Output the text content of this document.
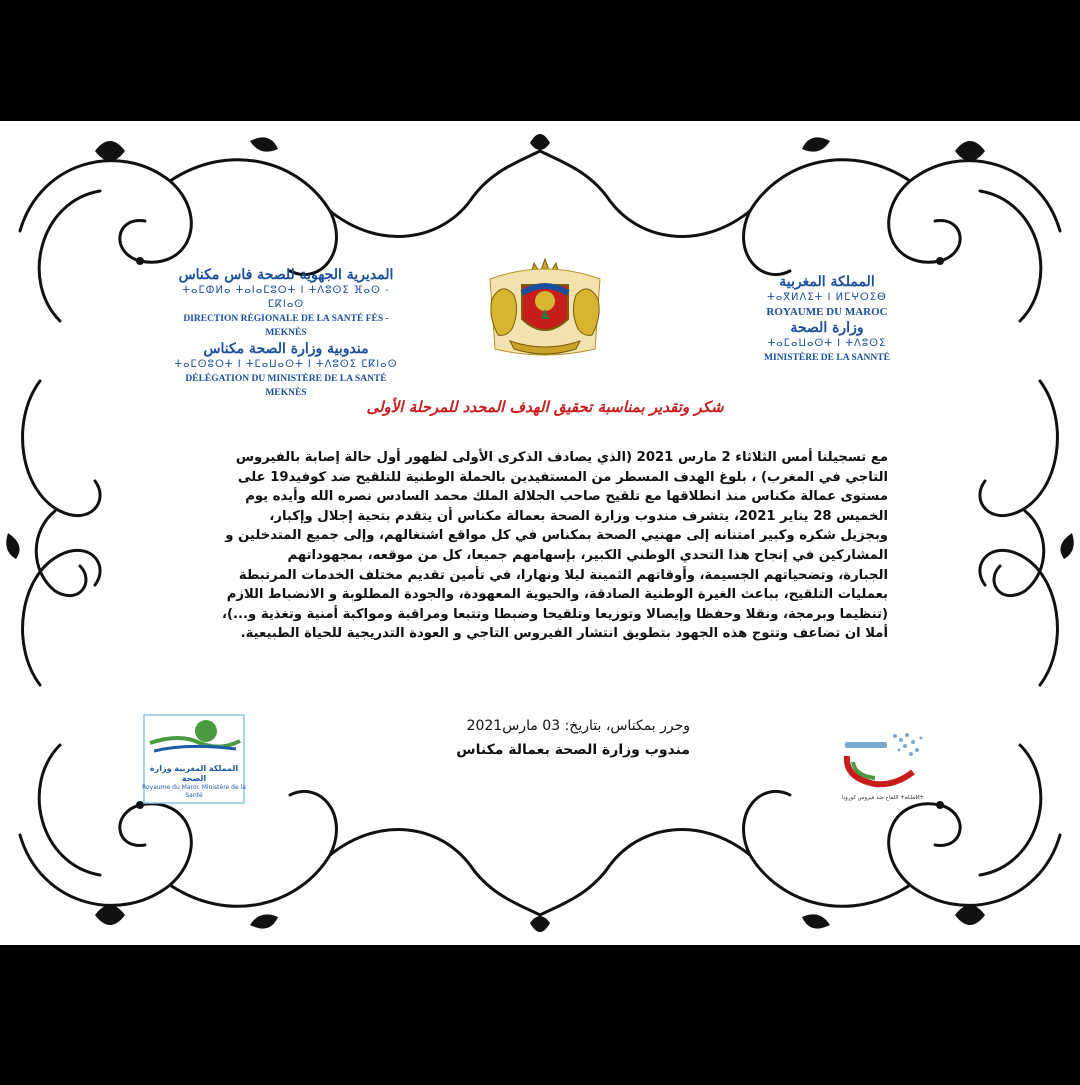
المملكة المغربية
ⵜⴰⴳⵍⴷⵉⵜ ⵏ ⵍⵎⵖⵔⵉⴱ
ROYAUME DU MAROC
وزارة الصحة
ⵜⴰⵎⴰⵡⴰⵙⵜ ⵏ ⵜⴷⵓⵙⵉ
MINISTÈRE DE LA SANNTÉ
المديرية الجهوية للصحة فاس مكناس
ⵜⴰⵎⵀⵍⴰ ⵜⴰⵏⴰⵎⵓⵔⵜ ⵏ ⵜⴷⵓⵙⵉ ⴼⴰⵙ - ⵎⴽⵏⴰⵙ
DIRECTION RÉGIONALE DE LA SANTÉ FÈS - MEKNÈS
مندوبية وزارة الصحة مكناس
ⵜⴰⵎⵙⵓⵔⵜ ⵏ ⵜⵎⴰⵡⴰⵙⵜ ⵏ ⵜⴷⵓⵙⵉ ⵎⴽⵏⴰⵙ
DÉLÉGATION DU MINISTÈRE DE LA SANTÉ MEKNÈS
شكر وتقدير بمناسبة تحقيق الهدف المحدد للمرحلة الأولى

مع تسجيلنا أمس الثلاثاء 2 مارس 2021 (الذي يصادف الذكرى الأولى لظهور أول حالة إصابة بالفيروس

التاجي في المغرب) ، بلوغ الهدف المسطر من المستفيدين بالحملة الوطنية للتلقيح ضد كوفيد19 على

مستوى عمالة مكناس منذ انطلاقها مع تلقيح صاحب الجلالة الملك محمد السادس نصره الله وأيده يوم

الخميس 28 يناير 2021، يتشرف مندوب وزارة الصحة بعمالة مكناس أن يتقدم بتحية إجلال وإكبار،

وبجزيل شكره وكبير امتنانه إلى مهنيي الصحة بمكناس في كل مواقع اشتغالهم، وإلى جميع المتدخلين و

المشاركين في إنجاح هذا التحدي الوطني الكبير، بإسهامهم جميعا، كل من موقعه، بمجهوداتهم

الجبارة، وتضحياتهم الجسيمة، وأوقاتهم الثمينة ليلا ونهارا، في تأمين تقديم مختلف الخدمات المرتبطة

بعمليات التلقيح، بباعث الغيرة الوطنية الصادقة، والحيوية المعهودة، والجودة المطلوبة و الانضباط اللازم

(تنظيما وبرمجة، ونقلا وحفظا وإيصالا وتوزيعا وتلقيحا وضبطا وتتبعا ومراقبة ومواكبة أمنية وتغذية و...)،

أملا ان تضاعف وتتوج هذه الجهود بتطويق انتشار الفيروس التاجي و العودة التدريجية للحياة الطبيعية.

وحرر بمكناس، بتاريخ: 03 مارس2021
مندوب وزارة الصحة بعمالة مكناس
المملكة المغربية وزارة الصحة
Royaume du Maroc Ministère de la Santé	اللقاح ضد فيروس كورونا ⵜⴰⵡⴰⵍⵜ
